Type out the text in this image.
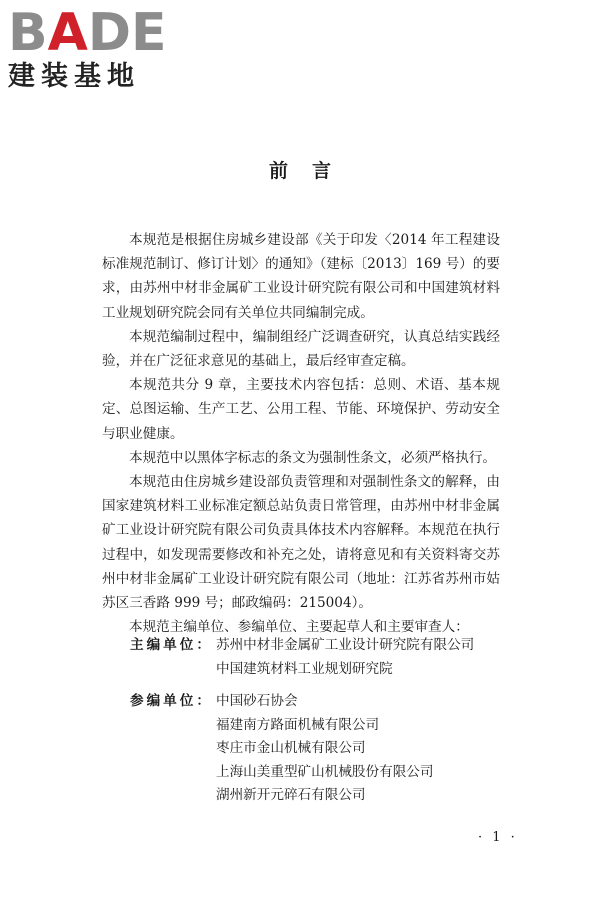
BADE
建装基地
前言

本规范是根据住房城乡建设部《关于印发〈2014 年工程建设标准规范制订、修订计划〉的通知》（建标〔2013〕169 号）的要求，由苏州中材非金属矿工业设计研究院有限公司和中国建筑材料工业规划研究院会同有关单位共同编制完成。

本规范编制过程中，编制组经广泛调查研究，认真总结实践经验，并在广泛征求意见的基础上，最后经审查定稿。

本规范共分 9 章，主要技术内容包括：总则、术语、基本规定、总图运输、生产工艺、公用工程、节能、环境保护、劳动安全与职业健康。

本规范中以黑体字标志的条文为强制性条文，必须严格执行。

本规范由住房城乡建设部负责管理和对强制性条文的解释，由国家建筑材料工业标准定额总站负责日常管理，由苏州中材非金属矿工业设计研究院有限公司负责具体技术内容解释。本规范在执行过程中，如发现需要修改和补充之处，请将意见和有关资料寄交苏州中材非金属矿工业设计研究院有限公司（地址：江苏省苏州市姑苏区三香路 999 号；邮政编码：215004）。

本规范主编单位、参编单位、主要起草人和主要审查人：

主编单位： 苏州中材非金属矿工业设计研究院有限公司
中国建筑材料工业规划研究院
参编单位： 中国砂石协会
福建南方路面机械有限公司
枣庄市金山机械有限公司
上海山美重型矿山机械股份有限公司
湖州新开元碎石有限公司
· 1 ·
